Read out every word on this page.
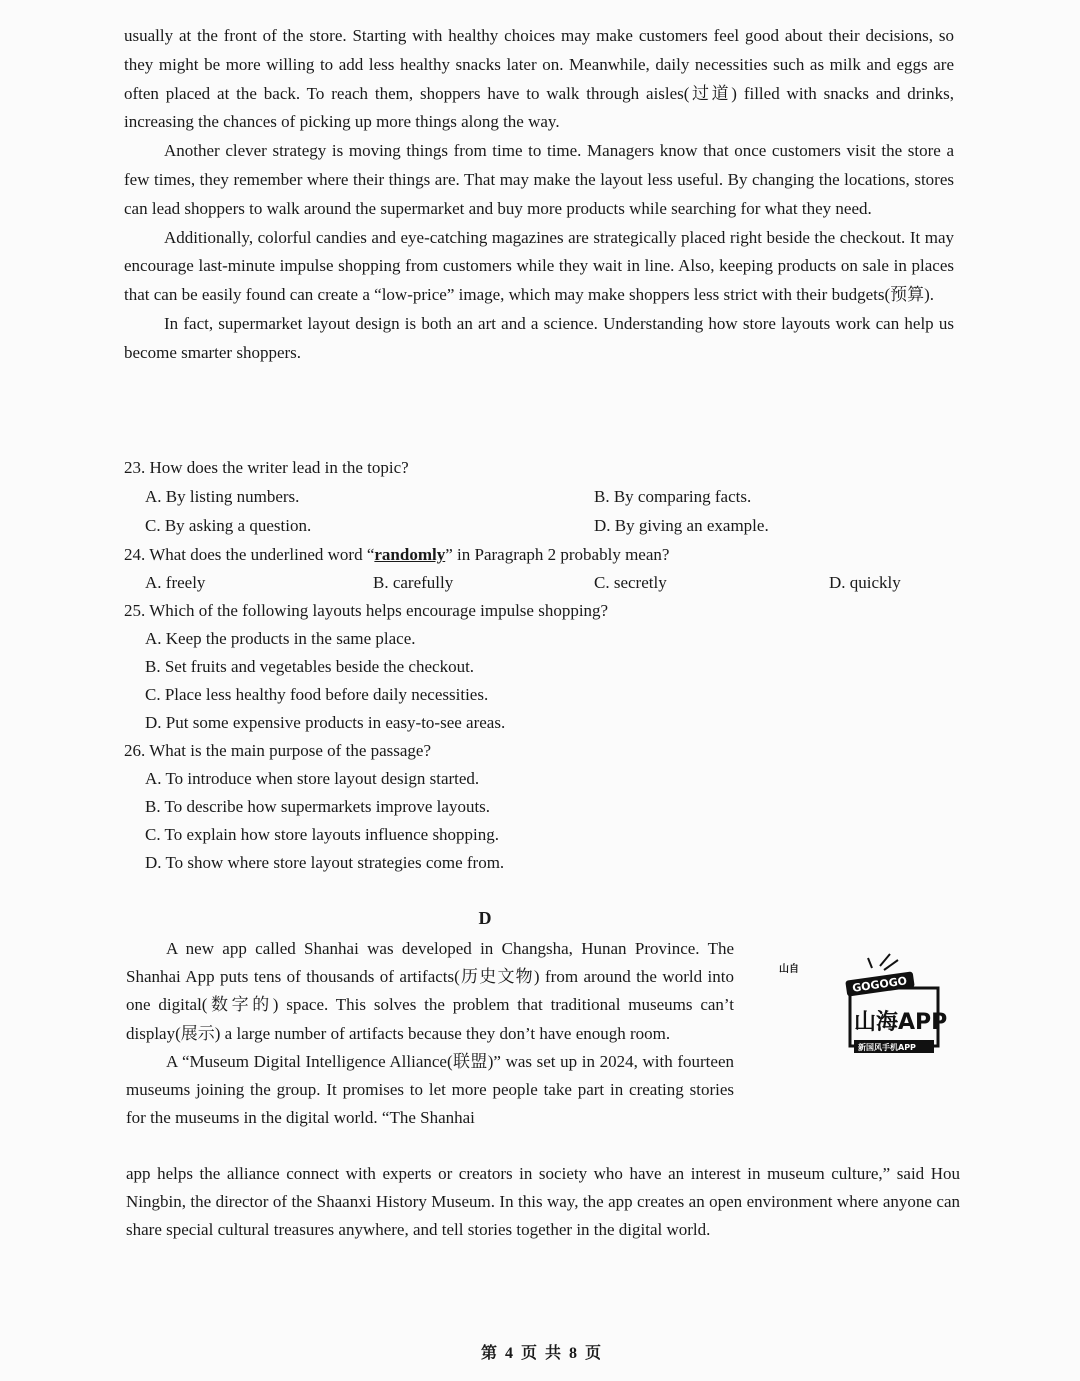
usually at the front of the store. Starting with healthy choices may make customers feel good about their decisions, so they might be more willing to add less healthy snacks later on. Meanwhile, daily necessities such as milk and eggs are often placed at the back. To reach them, shoppers have to walk through aisles(过道) filled with snacks and drinks, increasing the chances of picking up more things along the way.

Another clever strategy is moving things from time to time. Managers know that once customers visit the store a few times, they remember where their things are. That may make the layout less useful. By changing the locations, stores can lead shoppers to walk around the supermarket and buy more products while searching for what they need.

Additionally, colorful candies and eye-catching magazines are strategically placed right beside the checkout. It may encourage last-minute impulse shopping from customers while they wait in line. Also, keeping products on sale in places that can be easily found can create a “low-price” image, which may make shoppers less strict with their budgets(预算).

In fact, supermarket layout design is both an art and a science. Understanding how store layouts work can help us become smarter shoppers.

23. How does the writer lead in the topic?
A. By listing numbers.	B. By comparing facts.
C. By asking a question.	D. By giving an example.
24. What does the underlined word “randomly” in Paragraph 2 probably mean?
A. freely	B. carefully	C. secretly	D. quickly
25. Which of the following layouts helps encourage impulse shopping?
A. Keep the products in the same place.
B. Set fruits and vegetables beside the checkout.
C. Place less healthy food before daily necessities.
D. Put some expensive products in easy-to-see areas.
26. What is the main purpose of the passage?
A. To introduce when store layout design started.
B. To describe how supermarkets improve layouts.
C. To explain how store layouts influence shopping.
D. To show where store layout strategies come from.
D

A new app called Shanhai was developed in Changsha, Hunan Province. The Shanhai App puts tens of thousands of artifacts(历史文物) from around the world into one digital(数字的) space. This solves the problem that traditional museums can’t display(展示) a large number of artifacts because they don’t have enough room.

A “Museum Digital Intelligence Alliance(联盟)” was set up in 2024, with fourteen museums joining the group. It promises to let more people take part in creating stories for the museums in the digital world. “The Shanhai

app helps the alliance connect with experts or creators in society who have an interest in museum culture,” said Hou Ningbin, the director of the Shaanxi History Museum. In this way, the app creates an open environment where anyone can share special cultural treasures anywhere, and tell stories together in the digital world.

山自
GOGOGO
山海APP
新国风手机APP
第 4 页 共 8 页
